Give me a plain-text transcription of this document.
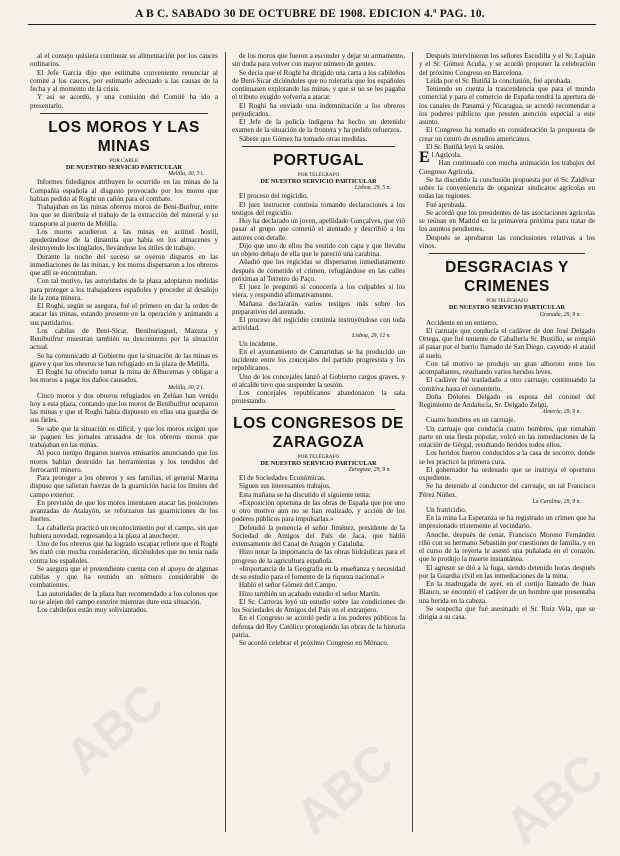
A B C. SABADO 30 DE OCTUBRE DE 1908. EDICION 4.ª PAG. 10.

al el consejo quisiera continuar su alimentación por los cauces ordinarios.

El Jefe García dijo que estimaba conveniente renunciar al comité a los cauces, por estimarlo adecuado a las causas de la fecha y al momento de la crisis.

Y así se acordó, y una comisión del Comité ha ido a presentarlo.

LOS MOROS Y LAS MINAS
POR CABLE
DE NUESTRO SERVICIO PARTICULAR
Melilla, 30, 5 t.

Informes fidedignos atribuyen lo ocurrido en las minas de la Compañía española al disgusto provocado por los moros que habían pedido al Roghi un cañón para el combate.

Trabajaban en las minas obreros moros de Beni-Buifrur, entre los que se distribuía el trabajo de la extracción del mineral y su transporte al puerto de Melilla.

Los moros acudieron a las minas en actitud hostil, apoderándose de la dinamita que había en los almacenes y destruyendo los tinglados, llevándose los útiles de trabajo.

Durante la noche del suceso se oyeron disparos en las inmediaciones de las minas, y los moros dispersaron a los obreros que allí se encontraban.

Con tal motivo, las autoridades de la plaza adoptaron medidas para proteger a los trabajadores españoles y proceder al desalojo de la zona minera.

El Roghi, según se asegura, fué el primero en dar la orden de atacar las minas, estando presente en la operación y animando a sus partidarios.

Los cabilas de Beni-Sicar, Beniburiaguel, Mazuza y Benibuifrur muestran también su descontento por la situación actual.

Se ha comunicado al Gobierno que la situación de las minas es grave y que los obreros se han refugiado en la plaza de Melilla.

El Roghi ha ofrecido tomar la mina de Alhucemas y obligar a los moros a pagar los daños causados.

Melilla, 30, 2 t.

Cinco moros y dos obreros refugiados en Zelúan han venido hoy a esta plaza, contando que los moros de Benibuifrur ocuparon las minas y que el Roghi había dispuesto en ellas una guardia de sus fieles.

Se sabe que la situación es difícil, y que los moros exigen que se paguen los jornales atrasados de los obreros moros que trabajaban en las minas.

Al poco tiempo llegaron nuevos emisarios anunciando que los moros habían destruído las herramientas y los tendidos del ferrocarril minero.

Para proteger a los obreros y sus familias, el general Marina dispuso que salieran fuerzas de la guarnición hacia los límites del campo exterior.

En previsión de que los moros intentasen atacar las posiciones avanzadas de Atalayón, se reforzaron las guarniciones de los fuertes.

La caballería practicó un reconocimiento por el campo, sin que hubiera novedad, regresando a la plaza al anochecer.

Uno de los obreros que ha logrado escapar refiere que el Roghi les trató con mucha consideración, diciéndoles que no tenía nada contra los españoles.

Se asegura que el pretendiente cuenta con el apoyo de algunas cabilas y que ha reunido un número considerable de combatientes.

Las autoridades de la plaza han recomendado a los colonos que no se alejen del campo exterior mientras dure esta situación.

Los cabileños están muy soliviantados.

de los moros que fueron a esconder y dejar su armamento, sin duda para volver con mayor número de gentes.

Se decía que el Roghi ha dirigido una carta a los cabileños de Beni-Sicar diciéndoles que no toleraría que los españoles continuasen explotando las minas, y que si no se les pagaba el tributo exigido volvería a atacar.

El Roghi ha enviado una indemnización a los obreros perjudicados.

El Jefe de la policía indígena ha hecho un detenido examen de la situación de la frontera y ha pedido refuerzos.

Sábese que Gómez ha tomado otras medidas.

PORTUGAL
POR TELÉGRAFO
DE NUESTRO SERVICIO PARTICULAR
Lisboa, 29, 5 n.

El proceso del regicidio.

El juez instructor continúa tomando declaraciones a los testigos del regicidio.

Hoy ha declarado un joven, apellidado Gonçalves, que vió pasar al grupo que cometió el atentado y describió a los autores con detalle.

Dijo que uno de ellos iba vestido con capa y que llevaba un objeto debajo de ella que le pareció una carabina.

Añadió que los regicidas se dispersaron inmediatamente después de cometido el crimen, refugiándose en las calles próximas al Terreiro do Paço.

El juez le preguntó si conocería a los culpables si los viera, y respondió afirmativamente.

Mañana declararán varios testigos más sobre los preparativos del atentado.

El proceso del regicidio continúa instruyéndose con toda actividad.

Lisboa, 29, 12 n.

Un incidente.

En el ayuntamiento de Camarinhas se ha producido un incidente entre los concejales del partido progresista y los republicanos.

Uno de los concejales lanzó al Gobierno cargos graves, y el alcalde tuvo que suspender la sesión.

Los concejales republicanos abandonaron la sala protestando.

LOS CONGRESOS DE ZARAGOZA
POR TELÉGRAFO
DE NUESTRO SERVICIO PARTICULAR
Zaragoza, 29, 9 n.

El de Sociedades Económicas.

Siguen sus interesantes trabajos.

Esta mañana se ha discutido el siguiente tema:

«Exposición oportuna de las obras de España que por uno u otro motivo aun no se han realizado, y acción de los poderes públicos para impulsarlas.»

Defendió la ponencia el señor Jiménez, presidente de la Sociedad de Amigos del País de Jaca, que habló extensamente del Canal de Aragón y Cataluña.

Hizo notar la importancia de las obras hidráulicas para el progreso de la agricultura española.

«Importancia de la Geografía en la enseñanza y necesidad de su estudio para el fomento de la riqueza nacional.»

Habló el señor Gómez del Campo.

Hizo también un acabado estudio el señor Martín.

El Sr. Carreras leyó un estudio sobre las condiciones de los Sociedades de Amigos del País en el extranjero.

En el Congreso se acordó pedir a los poderes públicos la defensa del Rey Católico protegiendo las obras de la historia patria.

Se acordó celebrar el próximo Congreso en Mónaco.

Después intervinieron los señores Escudilla y el Sr. Lujuán y el Sr. Gómez Acuña, y se acordó proponer la celebración del próximo Congreso en Barcelona.

Leída por el Sr. Butiñá la conclusión, fué aprobada.

Teniendo en cuenta la trascendencia que para el mundo comercial y para el comercio de España tendrá la apertura de los canales de Panamá y Nicaragua, se acordó recomendar a los poderes públicos que presten atención especial a este asunto.

El Congreso ha tomado en consideración la propuesta de crear un centro de estudios americanos.

El Sr. Butiñá leyó la sesión.

El Agrícola.

Han continuado con mucha animación los trabajos del Congreso Agrícola.

Se ha discutido la conclusión propuesta por el Sr. Zaldívar sobre la conveniencia de organizar sindicatos agrícolas en todas las regiones.

Fué aprobada.

Se acordó que los presidentes de las asociaciones agrícolas se reúnan en Madrid en la primavera próxima para tratar de los asuntos pendientes.

Después se aprobaron las conclusiones relativas a los vinos.

DESGRACIAS Y CRIMENES
POR TELÉGRAFO
DE NUESTRO SERVICIO PARTICULAR
Granada, 29, 9 n.

Accidente en un entierro.

El carruaje que conducía el cadáver de don José Delgado Ortega, que fué teniente de Caballería Sr. Bustillo, se rompió al pasar por el barrio llamado de San Diego, cayendo el ataúd al suelo.

Con tal motivo se produjo un gran alboroto entre los acompañantes, resultando varios heridos leves.

El cadáver fué trasladado a otro carruaje, continuando la comitiva hasta el cementerio.

Doña Dolores Delgado es esposa del coronel del Regimiento de Andalucía, Sr. Delgado Zelgu.

Almería, 29, 9 n.

Cuatro hombres en un carruaje.

Un carruaje que conducía cuatro hombres, que tomaban parte en una fiesta popular, volcó en las inmediaciones de la estación de Gérgal, resultando heridos todos ellos.

Los heridos fueron conducidos a la casa de socorro, donde se les practicó la primera cura.

El gobernador ha ordenado que se instruya el oportuno expediente.

Se ha detenido al conductor del carruaje, un tal Francisco Pérez Núñez.

La Carolina, 29, 9 n.

Un fratricidio.

En la mina La Esperanza se ha registrado un crimen que ha impresionado tristemente al vecindario.

Anoche, después de cenar, Francisco Moreno Fernández riñó con su hermano Sebastián por cuestiones de familia, y en el curso de la reyerta le asestó una puñalada en el corazón, que le produjo la muerte instantánea.

El agresor se dió a la fuga, siendo detenido horas después por la Guardia civil en las inmediaciones de la mina.

En la madrugada de ayer, en el cortijo llamado de Juan Blanco, se encontró el cadáver de un hombre que presentaba una herida en la cabeza.

Se sospecha que fué asesinado el Sr. Ruiz Vela, que se dirigía a su casa.

ABC
ABC ABC
